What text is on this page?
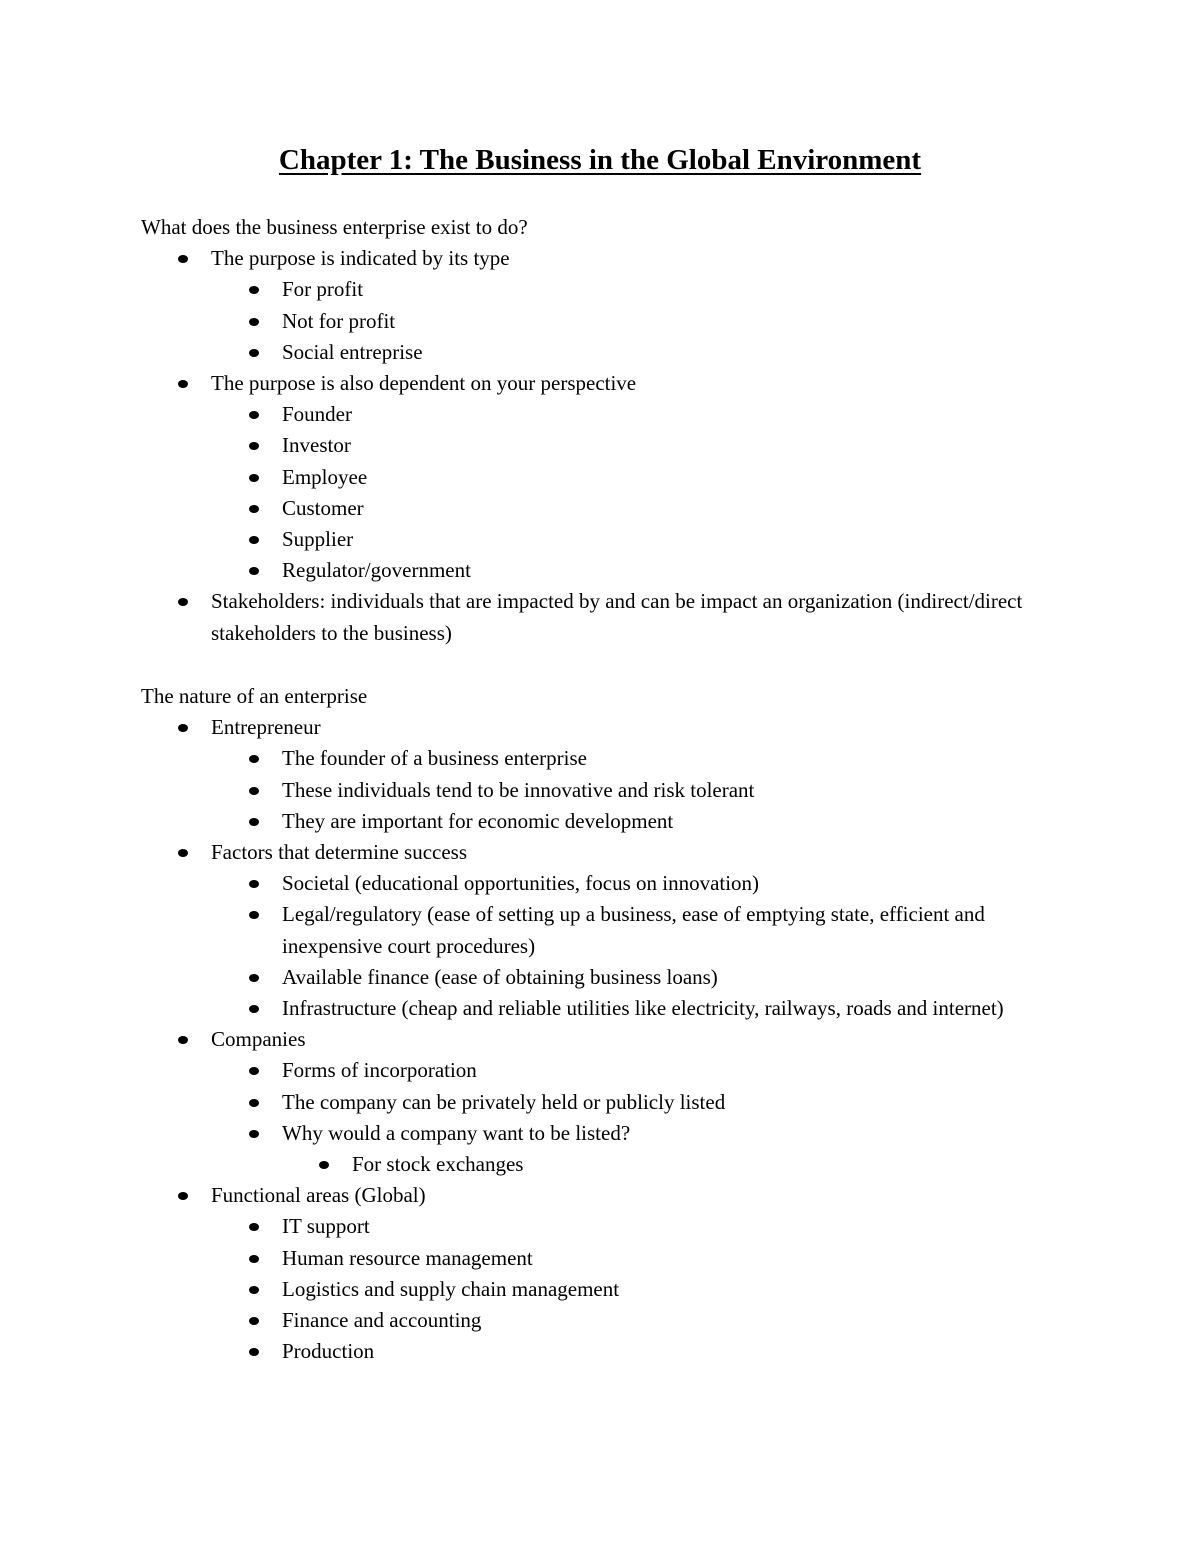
Chapter 1: The Business in the Global Environment

What does the business enterprise exist to do?

The purpose is indicated by its type
For profit
Not for profit
Social entreprise
The purpose is also dependent on your perspective
Founder
Investor
Employee
Customer
Supplier
Regulator/government
Stakeholders: individuals that are impacted by and can be impact an organization (indirect/direct stakeholders to the business)

The nature of an enterprise

Entrepreneur
The founder of a business enterprise
These individuals tend to be innovative and risk tolerant
They are important for economic development
Factors that determine success
Societal (educational opportunities, focus on innovation)
Legal/regulatory (ease of setting up a business, ease of emptying state, efficient and inexpensive court procedures)
Available finance (ease of obtaining business loans)
Infrastructure (cheap and reliable utilities like electricity, railways, roads and internet)
Companies
Forms of incorporation
The company can be privately held or publicly listed
Why would a company want to be listed?
For stock exchanges
Functional areas (Global)
IT support
Human resource management
Logistics and supply chain management
Finance and accounting
Production
